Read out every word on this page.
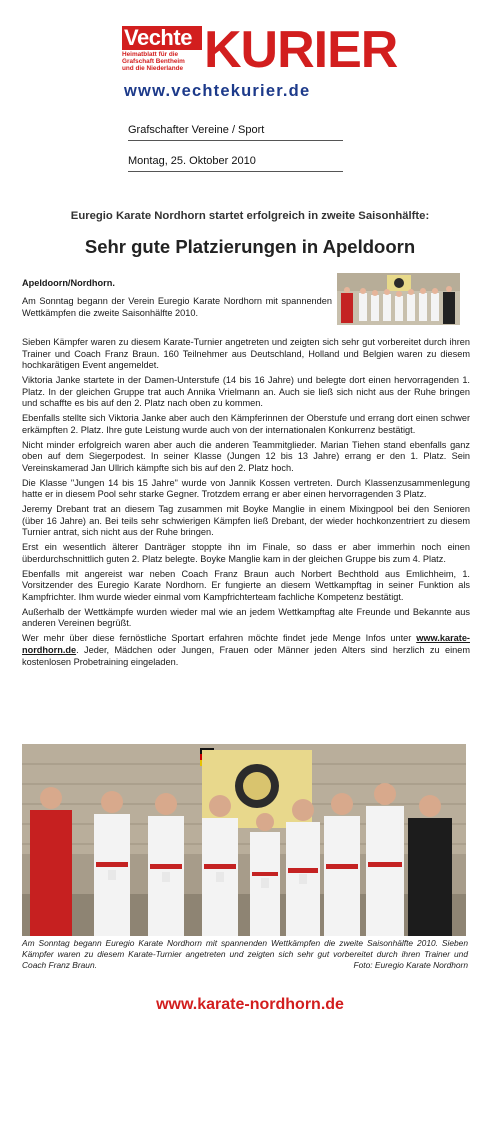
Vechte
Heimatblatt für die
Grafschaft Bentheim
und die Niederlande KURIER
www.vechtekurier.de
Grafschafter Vereine / Sport
Montag, 25. Oktober 2010
Euregio Karate Nordhorn startet erfolgreich in zweite Saisonhälfte:
Sehr gute Platzierungen in Apeldoorn
Apeldoorn/Nordhorn.
Am Sonntag begann der Verein Euregio Karate Nordhorn mit spannenden Wettkämpfen die zweite Saisonhälfte 2010.

Sieben Kämpfer waren zu diesem Karate-Turnier angetreten und zeigten sich sehr gut vorbereitet durch ihren Trainer und Coach Franz Braun. 160 Teilnehmer aus Deutschland, Holland und Belgien waren zu diesem hochkarätigen Event angemeldet.

Viktoria Janke startete in der Damen-Unterstufe (14 bis 16 Jahre) und belegte dort einen hervorragenden 1. Platz. In der gleichen Gruppe trat auch Annika Vrielmann an. Auch sie ließ sich nicht aus der Ruhe bringen und schaffte es bis auf den 2. Platz nach oben zu kommen.

Ebenfalls stellte sich Viktoria Janke aber auch den Kämpferinnen der Oberstufe und errang dort einen schwer erkämpften 2. Platz. Ihre gute Leistung wurde auch von der internationalen Konkurrenz bestätigt.

Nicht minder erfolgreich waren aber auch die anderen Teammitglieder. Marian Tiehen stand ebenfalls ganz oben auf dem Siegerpodest. In seiner Klasse (Jungen 12 bis 13 Jahre) errang er den 1. Platz. Sein Vereinskamerad Jan Ullrich kämpfte sich bis auf den 2. Platz hoch.

Die Klasse "Jungen 14 bis 15 Jahre" wurde von Jannik Kossen vertreten. Durch Klassenzusammenlegung hatte er in diesem Pool sehr starke Gegner. Trotzdem errang er aber einen hervorragenden 3 Platz.

Jeremy Drebant trat an diesem Tag zusammen mit Boyke Manglie in einem Mixingpool bei den Senioren (über 16 Jahre) an. Bei teils sehr schwierigen Kämpfen ließ Drebant, der wieder hochkonzentriert zu diesem Turnier antrat, sich nicht aus der Ruhe bringen.

Erst ein wesentlich älterer Danträger stoppte ihn im Finale, so dass er aber immerhin noch einen überdurchschnittlich guten 2. Platz belegte. Boyke Manglie kam in der gleichen Gruppe bis zum 4. Platz.

Ebenfalls mit angereist war neben Coach Franz Braun auch Norbert Bechthold aus Emlichheim, 1. Vorsitzender des Euregio Karate Nordhorn. Er fungierte an diesem Wettkampftag in seiner Funktion als Kampfrichter. Ihm wurde wieder einmal vom Kampfrichterteam fachliche Kompetenz bestätigt.

Außerhalb der Wettkämpfe wurden wieder mal wie an jedem Wettkampftag alte Freunde und Bekannte aus anderen Vereinen begrüßt.

Wer mehr über diese fernöstliche Sportart erfahren möchte findet jede Menge Infos unter www.karate-nordhorn.de. Jeder, Mädchen oder Jungen, Frauen oder Männer jeden Alters sind herzlich zu einem kostenlosen Probetraining eingeladen.

Am Sonntag begann Euregio Karate Nordhorn mit spannenden Wettkämpfen die zweite Saisonhälfte 2010. Sieben Kämpfer waren zu diesem Karate-Turnier angetreten und zeigten sich sehr gut vorbereitet durch ihren Trainer und Coach Franz Braun.	Foto: Euregio Karate Nordhorn
www.karate-nordhorn.de
